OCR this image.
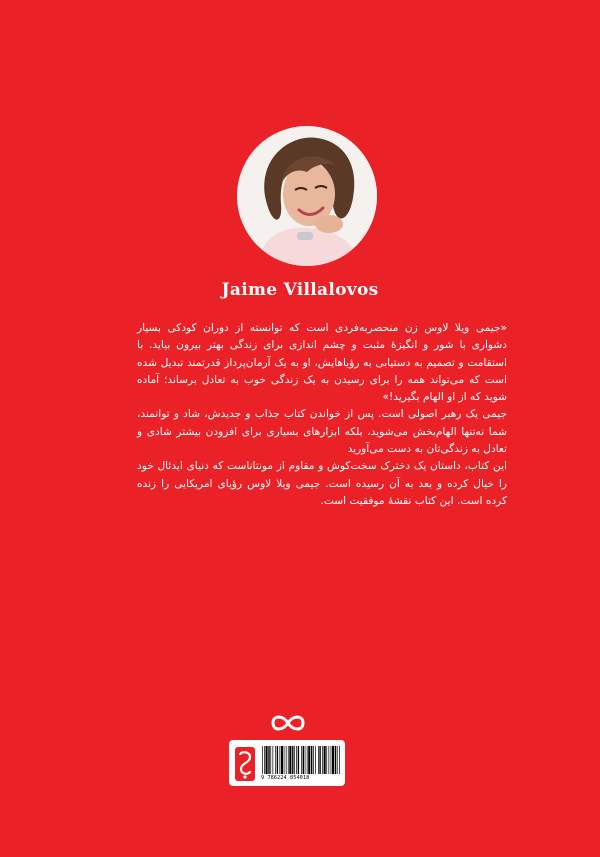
Jaime Villalovos

«جیمی ویلا لاوس زن منحصربه‌فردی است که توانسته از دوران کودکی بسیار دشواری با شور و انگیزهٔ مثبت و چشم اندازی برای زندگی بهتر بیرون بیاید. با استقامت و تصمیم به دستیابی به رؤیاهایش، او به یک آرمان‌پرداز قدرتمند تبدیل شده است که می‌تواند همه را برای رسیدن به یک زندگی خوب به تعادل برساند؛ آماده شوید که از او الهام بگیرید!»

جیمی یک رهبر اصولی است. پس از خواندن کتاب جذاب و جدیدش، شاد و توانمند، شما نه‌تنها الهام‌بخش می‌شوید، بلکه ابزارهای بسیاری برای افزودن بیشتر شادی و تعادل به زندگی‌تان به دست می‌آورید

این کتاب، داستان یک دخترک سخت‌کوش و مقاوم از مونتاناست که دنیای ایدئال خود را خیال کرده و بعد به آن رسیده است. جیمی ویلا لاوس رؤیای امریکایی را زنده کرده است. این کتاب نقشهٔ موفقیت است.

9 786224 854018
